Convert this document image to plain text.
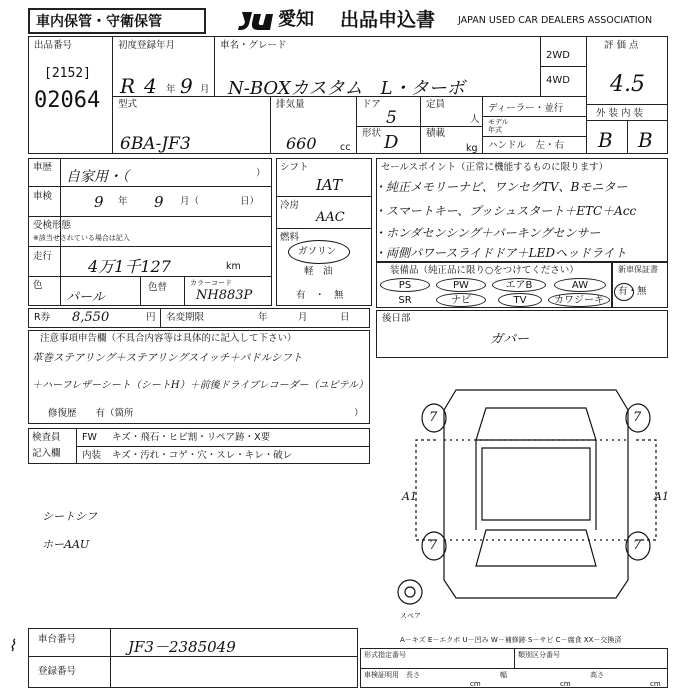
車内保管・守衛保管	愛知 出品申込書 JAPAN USED CAR DEALERS ASSOCIATION
出品番号
[2152]
02064
初度登録年月
R 4 年 9 月
車名・グレード
N-BOXカスタム　L・ターボ
2WD
4WD
評 価 点
4.5
外 装 内 装
B B
型式
6BA-JF3
排気量
660 cc
ドア
5
定員
人
形状 D	積載
kg
ディーラー・並行
モデル 年式
ハンドル　左・右
車歴
自家用・（	）
車検	9 年 9 月（	日）
受検形態
※該当せされている場合は記入
走行
4万1千127	km
色
パール
色替	カラーコード
NH883P
シフト
IAT
冷房
AAC
燃料
ガソリン
軽　油
有　・　無
セールスポイント（正常に機能するものに限ります）
・純正メモリーナビ、ワンセグTV、Bモニター
・スマートキー、プッシュスタート＋ETC＋Acc
・ホンダセンシング＋パーキングセンサー
・両側パワースライドドア＋LEDヘッドライト
装備品（純正品に限り○をつけてください）
PS	PW	エアB	AW
SR	ナビ	TV	カワジーキ
新車保証書
有・無
R券 8,550	円 名変期限	年	月	日
注意事項申告欄（不具合内容等は具体的に記入して下さい）
革巻ステアリング＋ステアリングスイッチ＋パドルシフト
＋ハーフレザーシート（シートH）＋前後ドライブレコーダー（ユピテル）
修復歴　　有（箇所	）
後日部
ガバー
検査員
記入欄
FW キズ・飛石・ヒビ割・リペア跡・X要
内装 キズ・汚れ・コゲ・穴・スレ・キレ・破レ
シートシフ
ホーAAU
7	7
7	7
A1	A1
スペア
A－キズ E－エクボ U－凹み W－補修跡 S－サビ C－腐食 XX－交換済
車台番号	JF3－2385049
登録番号
⌇	形式指定番号	類別区分番号
車検証明用 長さ	幅	高さ
cm	cm	cm
